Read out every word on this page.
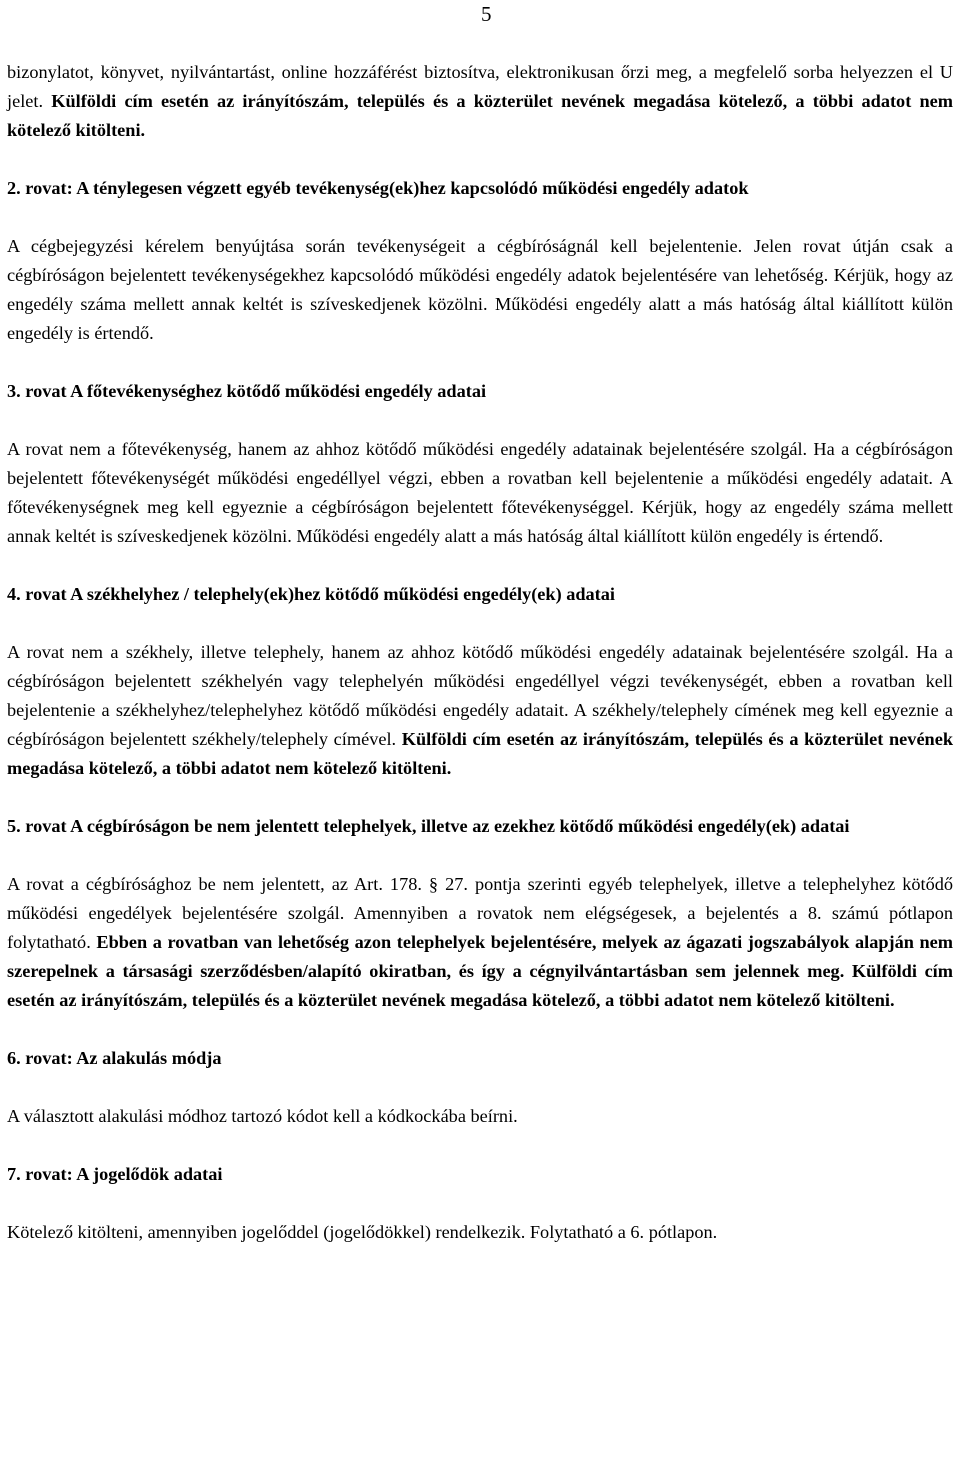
5

bizonylatot, könyvet, nyilvántartást, online hozzáférést biztosítva, elektronikusan őrzi meg, a megfelelő sorba helyezzen el U jelet. Külföldi cím esetén az irányítószám, település és a közterület nevének megadása kötelező, a többi adatot nem kötelező kitölteni.

2. rovat: A ténylegesen végzett egyéb tevékenység(ek)hez kapcsolódó működési engedély adatok

A cégbejegyzési kérelem benyújtása során tevékenységeit a cégbíróságnál kell bejelentenie. Jelen rovat útján csak a cégbíróságon bejelentett tevékenységekhez kapcsolódó működési engedély adatok bejelentésére van lehetőség. Kérjük, hogy az engedély száma mellett annak keltét is szíveskedjenek közölni. Működési engedély alatt a más hatóság által kiállított külön engedély is értendő.

3. rovat A főtevékenységhez kötődő működési engedély adatai

A rovat nem a főtevékenység, hanem az ahhoz kötődő működési engedély adatainak bejelentésére szolgál. Ha a cégbíróságon bejelentett főtevékenységét működési engedéllyel végzi, ebben a rovatban kell bejelentenie a működési engedély adatait. A főtevékenységnek meg kell egyeznie a cégbíróságon bejelentett főtevékenységgel. Kérjük, hogy az engedély száma mellett annak keltét is szíveskedjenek közölni. Működési engedély alatt a más hatóság által kiállított külön engedély is értendő.

4. rovat A székhelyhez / telephely(ek)hez kötődő működési engedély(ek) adatai

A rovat nem a székhely, illetve telephely, hanem az ahhoz kötődő működési engedély adatainak bejelentésére szolgál. Ha a cégbíróságon bejelentett székhelyén vagy telephelyén működési engedéllyel végzi tevékenységét, ebben a rovatban kell bejelentenie a székhelyhez/telephelyhez kötődő működési engedély adatait. A székhely/telephely címének meg kell egyeznie a cégbíróságon bejelentett székhely/telephely címével. Külföldi cím esetén az irányítószám, település és a közterület nevének megadása kötelező, a többi adatot nem kötelező kitölteni.

5. rovat A cégbíróságon be nem jelentett telephelyek, illetve az ezekhez kötődő működési engedély(ek) adatai

A rovat a cégbírósághoz be nem jelentett, az Art. 178. § 27. pontja szerinti egyéb telephelyek, illetve a telephelyhez kötődő működési engedélyek bejelentésére szolgál. Amennyiben a rovatok nem elégségesek, a bejelentés a 8. számú pótlapon folytatható. Ebben a rovatban van lehetőség azon telephelyek bejelentésére, melyek az ágazati jogszabályok alapján nem szerepelnek a társasági szerződésben/alapító okiratban, és így a cégnyilvántartásban sem jelennek meg. Külföldi cím esetén az irányítószám, település és a közterület nevének megadása kötelező, a többi adatot nem kötelező kitölteni.

6. rovat: Az alakulás módja

A választott alakulási módhoz tartozó kódot kell a kódkockába beírni.

7. rovat: A jogelődök adatai

Kötelező kitölteni, amennyiben jogelőddel (jogelődökkel) rendelkezik. Folytatható a 6. pótlapon.
